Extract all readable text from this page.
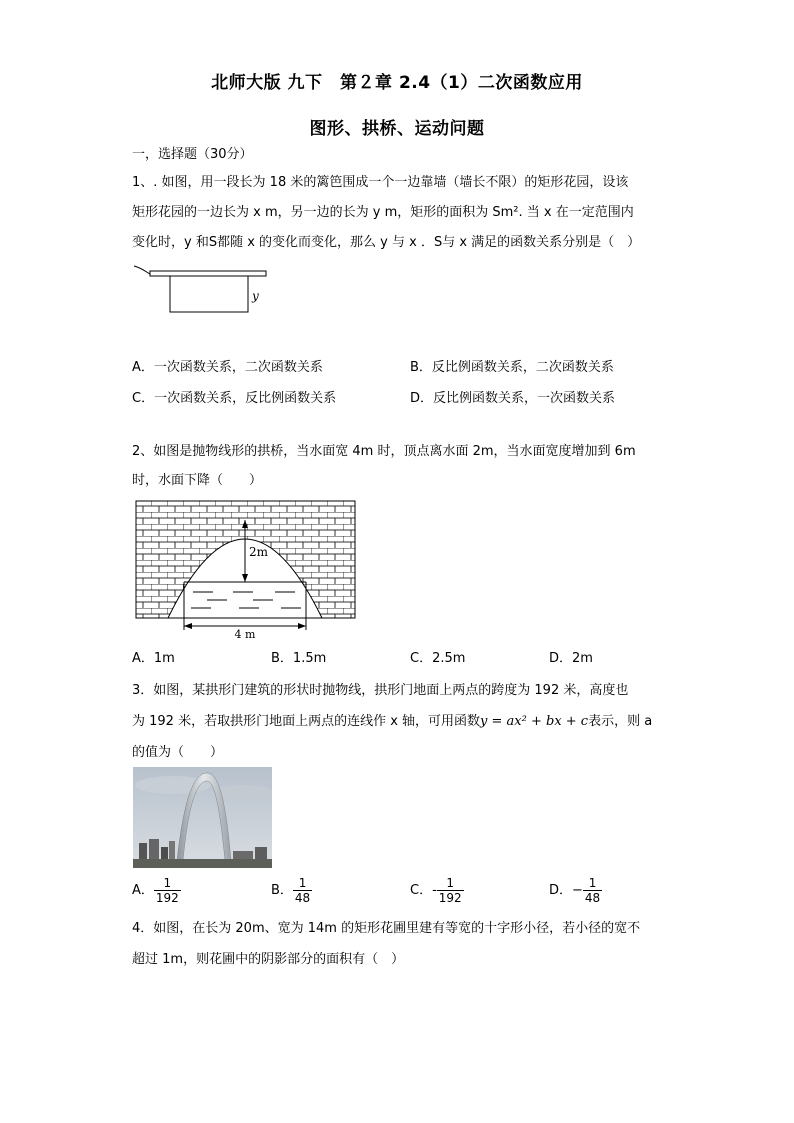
北师大版 九下　第２章 2.4（1）二次函数应用
图形、拱桥、运动问题
一，选择题（30分）
1、. 如图，用一段长为 18 米的篱笆围成一个一边靠墙（墙长不限）的矩形花园，设该
矩形花园的一边长为 x m，另一边的长为 y m，矩形的面积为 Sm². 当 x 在一定范围内
变化时，y 和S都随 x 的变化而变化，那么 y 与 x ．S与 x 满足的函数关系分别是（　）
y
A．一次函数关系，二次函数关系	B．反比例函数关系，二次函数关系
C．一次函数关系，反比例函数关系	D．反比例函数关系，一次函数关系
2、如图是抛物线形的拱桥，当水面宽 4m 时，顶点离水面 2m，当水面宽度增加到 6m
时，水面下降（　　）
2m
4 m
A．1m	B．1.5m	C．2.5m	D．2m
3．如图，某拱形门建筑的形状时抛物线，拱形门地面上两点的跨度为 192 米，高度也
为 192 米，若取拱形门地面上两点的连线作 x 轴，可用函数y = ax² + bx + c表示，则 a
的值为（　　）
A． $\frac{1}{192}$	B． $\frac{1}{48}$	C．- $\frac{1}{192}$	D．− $\frac{1}{48}$
4．如图，在长为 20m、宽为 14m 的矩形花圃里建有等宽的十字形小径，若小径的宽不
超过 1m，则花圃中的阴影部分的面积有（　）
